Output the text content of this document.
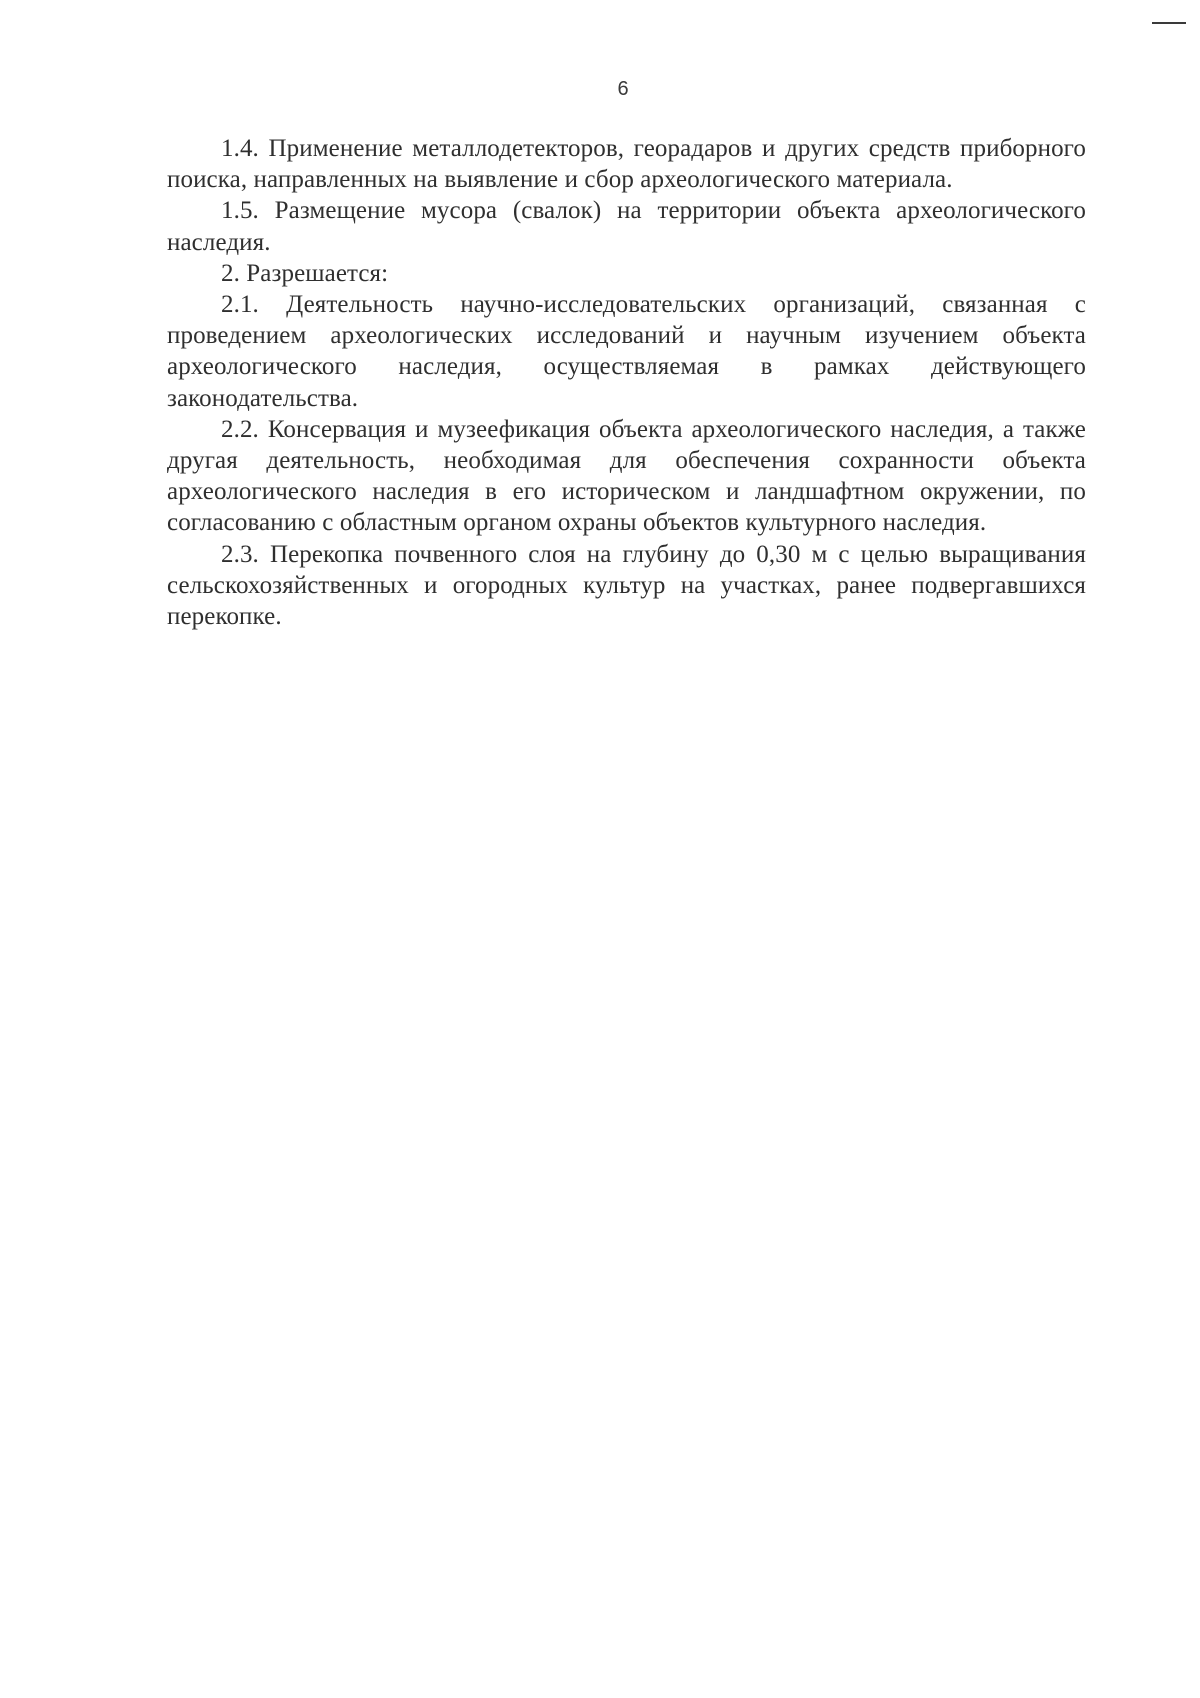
6

1.4. Применение металлодетекторов, георадаров и других средств приборного поиска, направленных на выявление и сбор археологического материала.

1.5. Размещение мусора (свалок) на территории объекта археологического наследия.

2. Разрешается:

2.1. Деятельность научно-исследовательских организаций, связанная с проведением археологических исследований и научным изучением объекта археологического наследия, осуществляемая в рамках действующего законодательства.

2.2. Консервация и музеефикация объекта археологического наследия, а также другая деятельность, необходимая для обеспечения сохранности объекта археологического наследия в его историческом и ландшафтном окружении, по согласованию с областным органом охраны объектов культурного наследия.

2.3. Перекопка почвенного слоя на глубину до 0,30 м с целью выращивания сельскохозяйственных и огородных культур на участках, ранее подвергавшихся перекопке.
